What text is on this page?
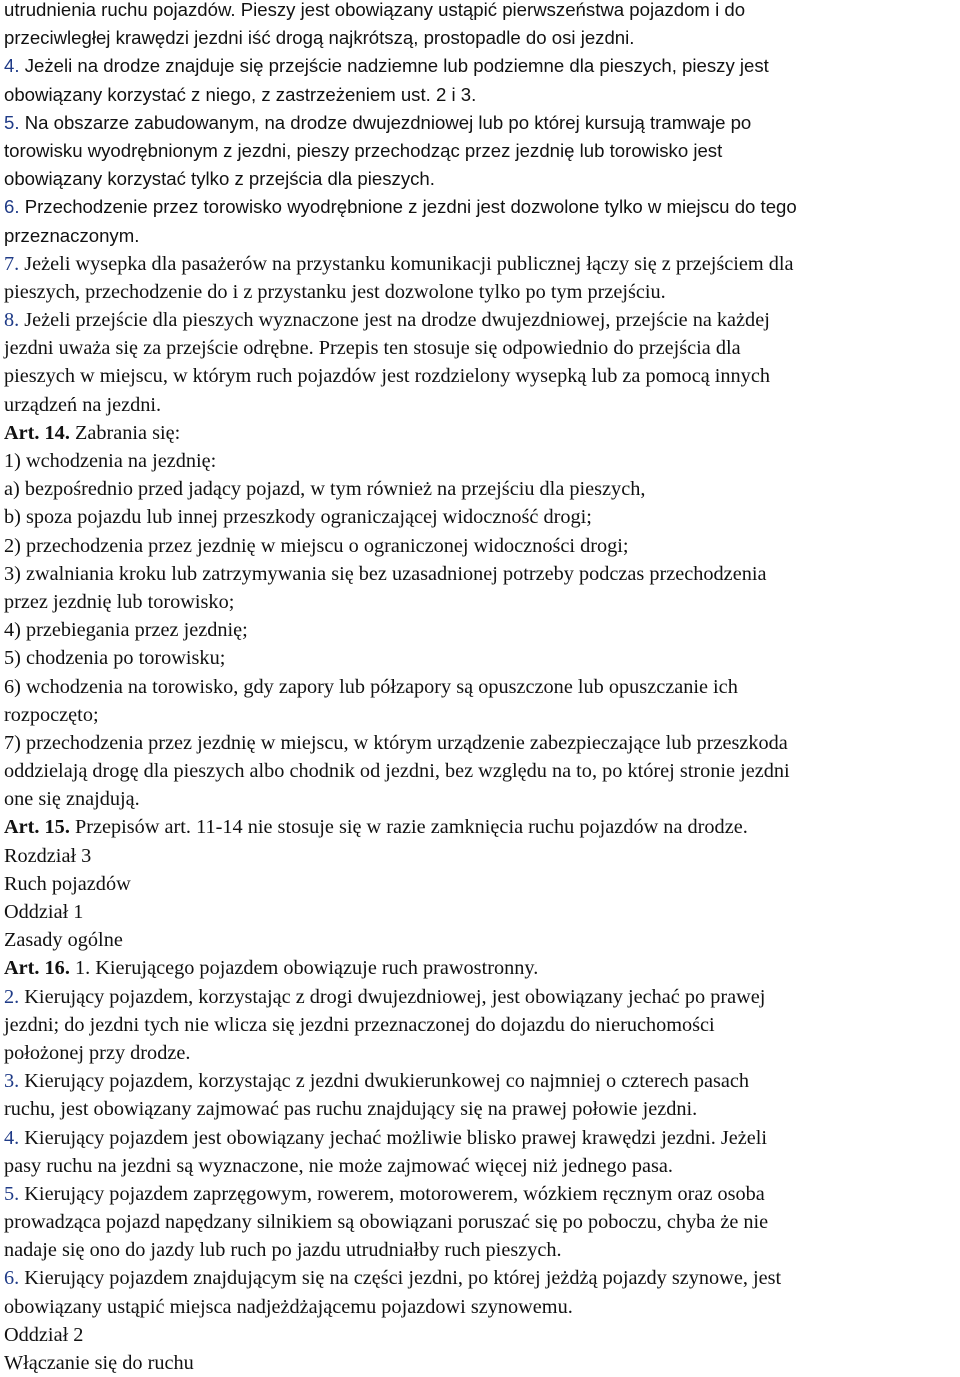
utrudnienia ruchu pojazdów. Pieszy jest obowiązany ustąpić pierwszeństwa pojazdom i do
przeciwległej krawędzi jezdni iść drogą najkrótszą, prostopadle do osi jezdni.
4. Jeżeli na drodze znajduje się przejście nadziemne lub podziemne dla pieszych, pieszy jest
obowiązany korzystać z niego, z zastrzeżeniem ust. 2 i 3.
5. Na obszarze zabudowanym, na drodze dwujezdniowej lub po której kursują tramwaje po
torowisku wyodrębnionym z jezdni, pieszy przechodząc przez jezdnię lub torowisko jest
obowiązany korzystać tylko z przejścia dla pieszych.
6. Przechodzenie przez torowisko wyodrębnione z jezdni jest dozwolone tylko w miejscu do tego
przeznaczonym.
7. Jeżeli wysepka dla pasażerów na przystanku komunikacji publicznej łączy się z przejściem dla
pieszych, przechodzenie do i z przystanku jest dozwolone tylko po tym przejściu.
8. Jeżeli przejście dla pieszych wyznaczone jest na drodze dwujezdniowej, przejście na każdej
jezdni uważa się za przejście odrębne. Przepis ten stosuje się odpowiednio do przejścia dla
pieszych w miejscu, w którym ruch pojazdów jest rozdzielony wysepką lub za pomocą innych
urządzeń na jezdni.
Art. 14. Zabrania się:
1) wchodzenia na jezdnię:
a) bezpośrednio przed jadący pojazd, w tym również na przejściu dla pieszych,
b) spoza pojazdu lub innej przeszkody ograniczającej widoczność drogi;
2) przechodzenia przez jezdnię w miejscu o ograniczonej widoczności drogi;
3) zwalniania kroku lub zatrzymywania się bez uzasadnionej potrzeby podczas przechodzenia
przez jezdnię lub torowisko;
4) przebiegania przez jezdnię;
5) chodzenia po torowisku;
6) wchodzenia na torowisko, gdy zapory lub półzapory są opuszczone lub opuszczanie ich
rozpoczęto;
7) przechodzenia przez jezdnię w miejscu, w którym urządzenie zabezpieczające lub przeszkoda
oddzielają drogę dla pieszych albo chodnik od jezdni, bez względu na to, po której stronie jezdni
one się znajdują.
Art. 15. Przepisów art. 11-14 nie stosuje się w razie zamknięcia ruchu pojazdów na drodze.
Rozdział 3
Ruch pojazdów
Oddział 1
Zasady ogólne
Art. 16. 1. Kierującego pojazdem obowiązuje ruch prawostronny.
2. Kierujący pojazdem, korzystając z drogi dwujezdniowej, jest obowiązany jechać po prawej
jezdni; do jezdni tych nie wlicza się jezdni przeznaczonej do dojazdu do nieruchomości
położonej przy drodze.
3. Kierujący pojazdem, korzystając z jezdni dwukierunkowej co najmniej o czterech pasach
ruchu, jest obowiązany zajmować pas ruchu znajdujący się na prawej połowie jezdni.
4. Kierujący pojazdem jest obowiązany jechać możliwie blisko prawej krawędzi jezdni. Jeżeli
pasy ruchu na jezdni są wyznaczone, nie może zajmować więcej niż jednego pasa.
5. Kierujący pojazdem zaprzęgowym, rowerem, motorowerem, wózkiem ręcznym oraz osoba
prowadząca pojazd napędzany silnikiem są obowiązani poruszać się po poboczu, chyba że nie
nadaje się ono do jazdy lub ruch po jazdu utrudniałby ruch pieszych.
6. Kierujący pojazdem znajdującym się na części jezdni, po której jeżdżą pojazdy szynowe, jest
obowiązany ustąpić miejsca nadjeżdżającemu pojazdowi szynowemu.
Oddział 2
Włączanie się do ruchu
